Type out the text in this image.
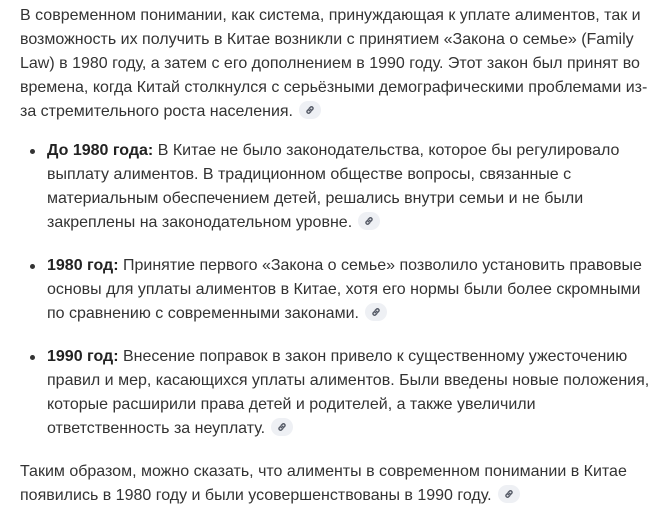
В современном понимании, как система, принуждающая к уплате алиментов, так и возможность их получить в Китае возникли с принятием «Закона о семье» (Family Law) в 1980 году, а затем с его дополнением в 1990 году. Этот закон был принят во времена, когда Китай столкнулся с серьёзными демографическими проблемами из-за стремительного роста населения.

До 1980 года: В Китае не было законодательства, которое бы регулировало выплату алиментов. В традиционном обществе вопросы, связанные с материальным обеспечением детей, решались внутри семьи и не были закреплены на законодательном уровне.
1980 год: Принятие первого «Закона о семье» позволило установить правовые основы для уплаты алиментов в Китае, хотя его нормы были более скромными по сравнению с современными законами.
1990 год: Внесение поправок в закон привело к существенному ужесточению правил и мер, касающихся уплаты алиментов. Были введены новые положения, которые расширили права детей и родителей, а также увеличили ответственность за неуплату.

Таким образом, можно сказать, что алименты в современном понимании в Китае появились в 1980 году и были усовершенствованы в 1990 году.
